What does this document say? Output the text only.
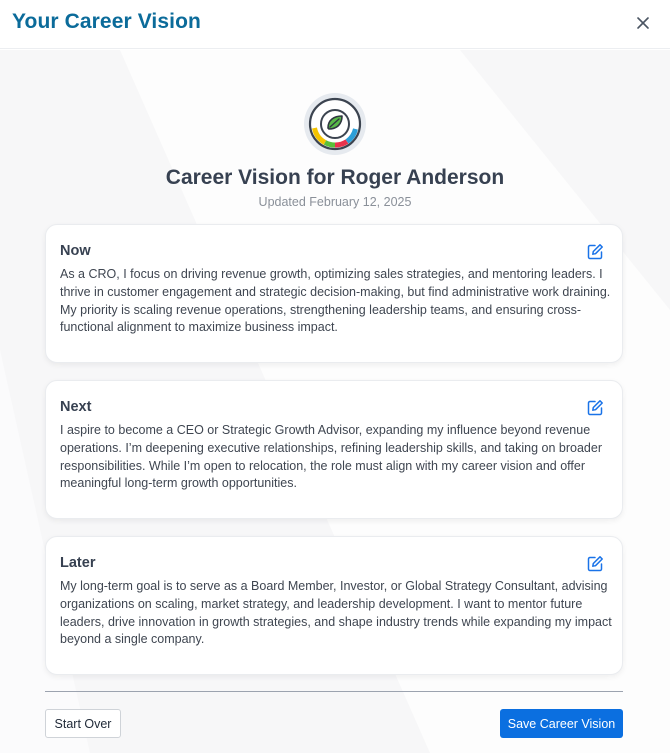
Your Career Vision
Career Vision for Roger Anderson
Updated February 12, 2025
Now
As a CRO, I focus on driving revenue growth, optimizing sales strategies, and mentoring leaders. I thrive in customer engagement and strategic decision-making, but find administrative work draining. My priority is scaling revenue operations, strengthening leadership teams, and ensuring cross-functional alignment to maximize business impact.
Next
I aspire to become a CEO or Strategic Growth Advisor, expanding my influence beyond revenue operations. I’m deepening executive relationships, refining leadership skills, and taking on broader responsibilities. While I’m open to relocation, the role must align with my career vision and offer meaningful long-term growth opportunities.
Later
My long-term goal is to serve as a Board Member, Investor, or Global Strategy Consultant, advising organizations on scaling, market strategy, and leadership development. I want to mentor future leaders, drive innovation in growth strategies, and shape industry trends while expanding my impact beyond a single company.
Start Over	Save Career Vision
